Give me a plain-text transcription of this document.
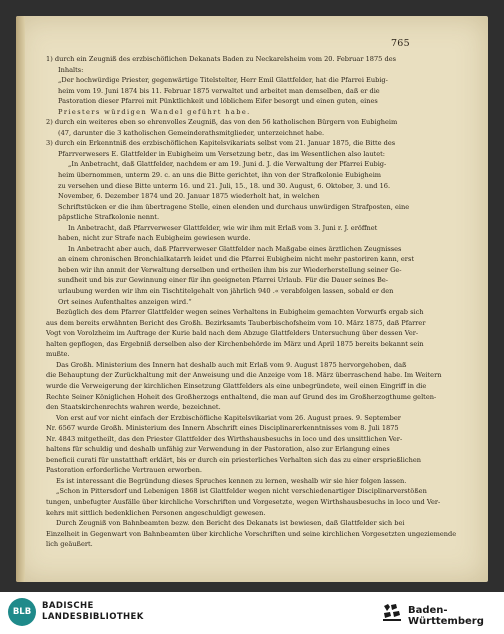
765

1) durch ein Zeugniß des erzbischöflichen Dekanats Baden zu Neckarelsheim vom 20. Februar 1875 des

Inhalts:

„Der hochwürdige Priester, gegenwärtige Titelstelter, Herr Emil Glattfelder, hat die Pfarrei Eubig-

heim vom 19. Juni 1874 bis 11. Februar 1875 verwaltet und arbeitet man demselben, daß er die

Pastoration dieser Pfarrei mit Pünktlichkeit und löblichem Eifer besorgt und einen guten, eines

Priesters würdigen Wandel geführt habe.

2) durch ein weiteres eben so ehrenvolles Zeugniß, das von den 56 katholischen Bürgern von Eubigheim

(47, darunter die 3 katholischen Gemeinderathsmitglieder, unterzeichnet habe.

3) durch ein Erkenntniß des erzbischöflichen Kapitelsvikariats selbst vom 21. Januar 1875, die Bitte des

Pfarrverwesers E. Glattfelder in Eubigheim um Versetzung betr., das im Wesentlichen also lautet:

„In Anbetracht, daß Glattfelder, nachdem er am 19. Juni d. J. die Verwaltung der Pfarrei Eubig-

heim übernommen, unterm 29. c. an uns die Bitte gerichtet, ihn von der Strafkolonie Eubigheim

zu versehen und diese Bitte unterm 16. und 21. Juli, 15., 18. und 30. August, 6. Oktober, 3. und 16.

November, 6. Dezember 1874 und 20. Januar 1875 wiederholt hat, in welchen

Schriftstücken er die ihm übertragene Stelle, einen elenden und durchaus unwürdigen Strafposten, eine

päpstliche Strafkolonie nennt.

In Anbetracht, daß Pfarrverweser Glattfelder, wie wir ihm mit Erlaß vom 3. Juni r. J. eröffnet

haben, nicht zur Strafe nach Eubigheim gewiesen wurde.

In Anbetracht aber auch, daß Pfarrverweser Glattfelder nach Maßgabe eines ärztlichen Zeugnisses

an einem chronischen Bronchialkatarrh leidet und die Pfarrei Eubigheim nicht mehr pastoriren kann, erst

heben wir ihn anmit der Verwaltung derselben und ertheilen ihm bis zur Wiederherstellung seiner Ge-

sundheit und bis zur Gewinnung einer für ihn geeigneten Pfarrei Urlaub. Für die Dauer seines Be-

urlaubung werden wir ihm ein Tischtitelgehalt von jährlich 940 .« verabfolgen lassen, sobald er den

Ort seines Aufenthaltes anzeigen wird.“

Bezüglich des dem Pfarrer Glattfelder wegen seines Verhaltens in Eubigheim gemachten Vorwurfs ergab sich

aus dem bereits erwähnten Bericht des Großh. Bezirksamts Tauberbischofsheim vom 10. März 1875, daß Pfarrer

Vogt von Vorolzheim im Auftrage der Kurie bald nach dem Abzuge Glattfelders Untersuchung über dessen Ver-

halten gepflogen, das Ergebniß derselben also der Kirchenbehörde im März und April 1875 bereits bekannt sein

mußte.

Das Großh. Ministerium des Innern hat deshalb auch mit Erlaß vom 9. August 1875 hervorgehoben, daß

die Behauptung der Zurückhaltung mit der Anweisung und die Anzeige vom 18. März überraschend habe. Im Weitern

wurde die Verweigerung der kirchlichen Einsetzung Glattfelders als eine unbegründete, weil einen Eingriff in die

Rechte Seiner Königlichen Hoheit des Großherzogs enthaltend, die man auf Grund des im Großherzogthume gelten-

den Staatskirchenrechts wahren werde, bezeichnet.

Von erst auf vor nicht einfach der Erzbischöfliche Kapitelsvikariat vom 26. August praes. 9. September

Nr. 6567 wurde Großh. Ministerium des Innern Abschrift eines Disciplinarerkenntnisses vom 8. Juli 1875

Nr. 4843 mitgetheilt, das den Priester Glattfelder des Wirthshausbesuchs in loco und des unsittlichen Ver-

haltens für schuldig und deshalb unfähig zur Verwendung in der Pastoration, also zur Erlangung eines

beneficii curati für unstatthaft erklärt, bis er durch ein priesterliches Verhalten sich das zu einer ersprießlichen

Pastoration erforderliche Vertrauen erworben.

Es ist interessant die Begründung dieses Spruches kennen zu lernen, weshalb wir sie hier folgen lassen.

„Schon in Pittersdorf und Lebenigen 1868 ist Glattfelder wegen nicht verschiedenartiger Disciplinarverstößen

tungen, unbefugter Ausfälle über kirchliche Vorschriften und Vorgesetzte, wegen Wirthshausbesuchs in loco und Ver-

kehrs mit sittlich bedenklichen Personen angeschuldigt gewesen.

Durch Zeugniß von Bahnbeamten bezw. den Bericht des Dekanats ist bewiesen, daß Glattfelder sich bei

Einzelheit in Gegenwart von Bahnbeamten über kirchliche Vorschriften und seine kirchlichen Vorgesetzten ungeziemende

lich geäußert.

BLB
BADISCHE
LANDESBIBLIOTHEK
Baden-Württemberg
